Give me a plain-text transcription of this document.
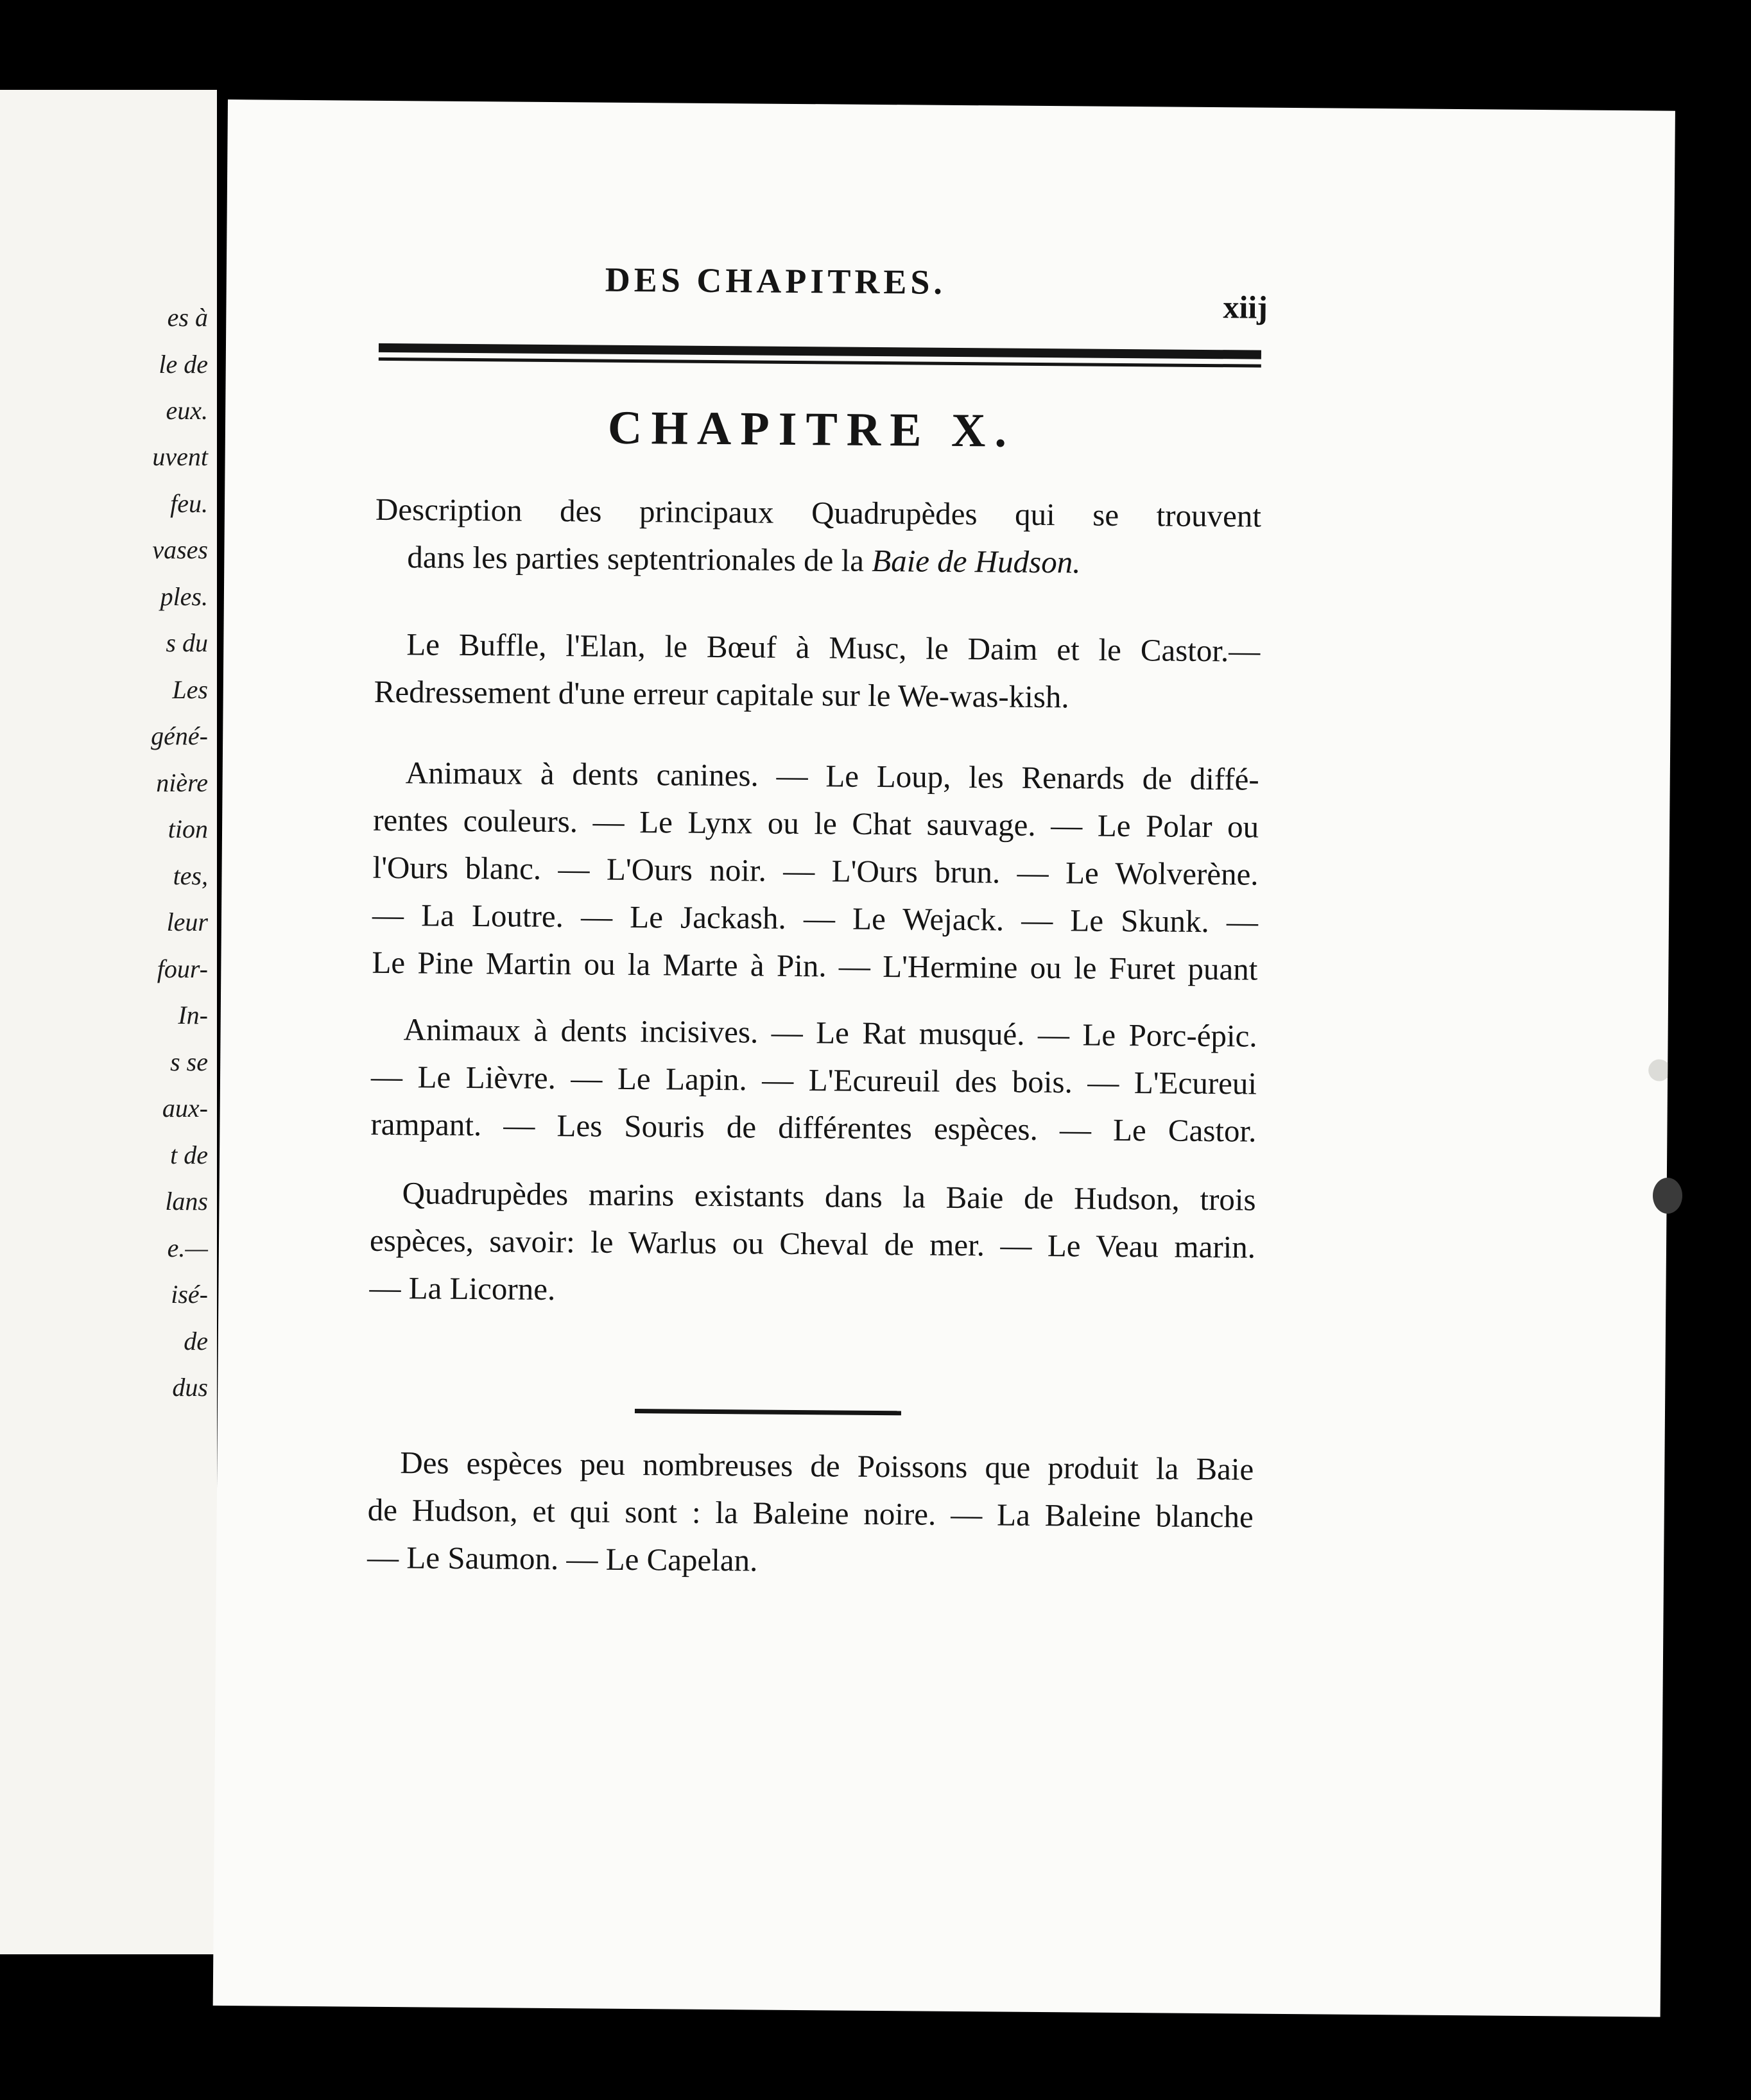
es à
le de
eux.
uvent
feu.
vases
ples.
s du
Les
géné-
nière
tion
tes,
leur
four-
In-
s se
aux-
t de
lans
e.—
isé-
de
dus
DES CHAPITRES.
xiij
CHAPITRE X.
Description des principaux Quadrupèdes qui se trouvent
dans les parties septentrionales de la Baie de Hudson.
Le Buffle, l'Elan, le Bœuf à Musc, le Daim et le Castor.—
Redressement d'une erreur capitale sur le We-was-kish.
Animaux à dents canines. — Le Loup, les Renards de diffé-
rentes couleurs. — Le Lynx ou le Chat sauvage. — Le Polar ou
l'Ours blanc. — L'Ours noir. — L'Ours brun. — Le Wolverène.
— La Loutre. — Le Jackash. — Le Wejack. — Le Skunk. —
Le Pine Martin ou la Marte à Pin. — L'Hermine ou le Furet puant
Animaux à dents incisives. — Le Rat musqué. — Le Porc-épic.
— Le Lièvre. — Le Lapin. — L'Ecureuil des bois. — L'Ecureui
rampant. — Les Souris de différentes espèces. — Le Castor.
Quadrupèdes marins existants dans la Baie de Hudson, trois
espèces, savoir: le Warlus ou Cheval de mer. — Le Veau marin.
— La Licorne.
Des espèces peu nombreuses de Poissons que produit la Baie
de Hudson, et qui sont : la Baleine noire. — La Baleine blanche
— Le Saumon. — Le Capelan.
